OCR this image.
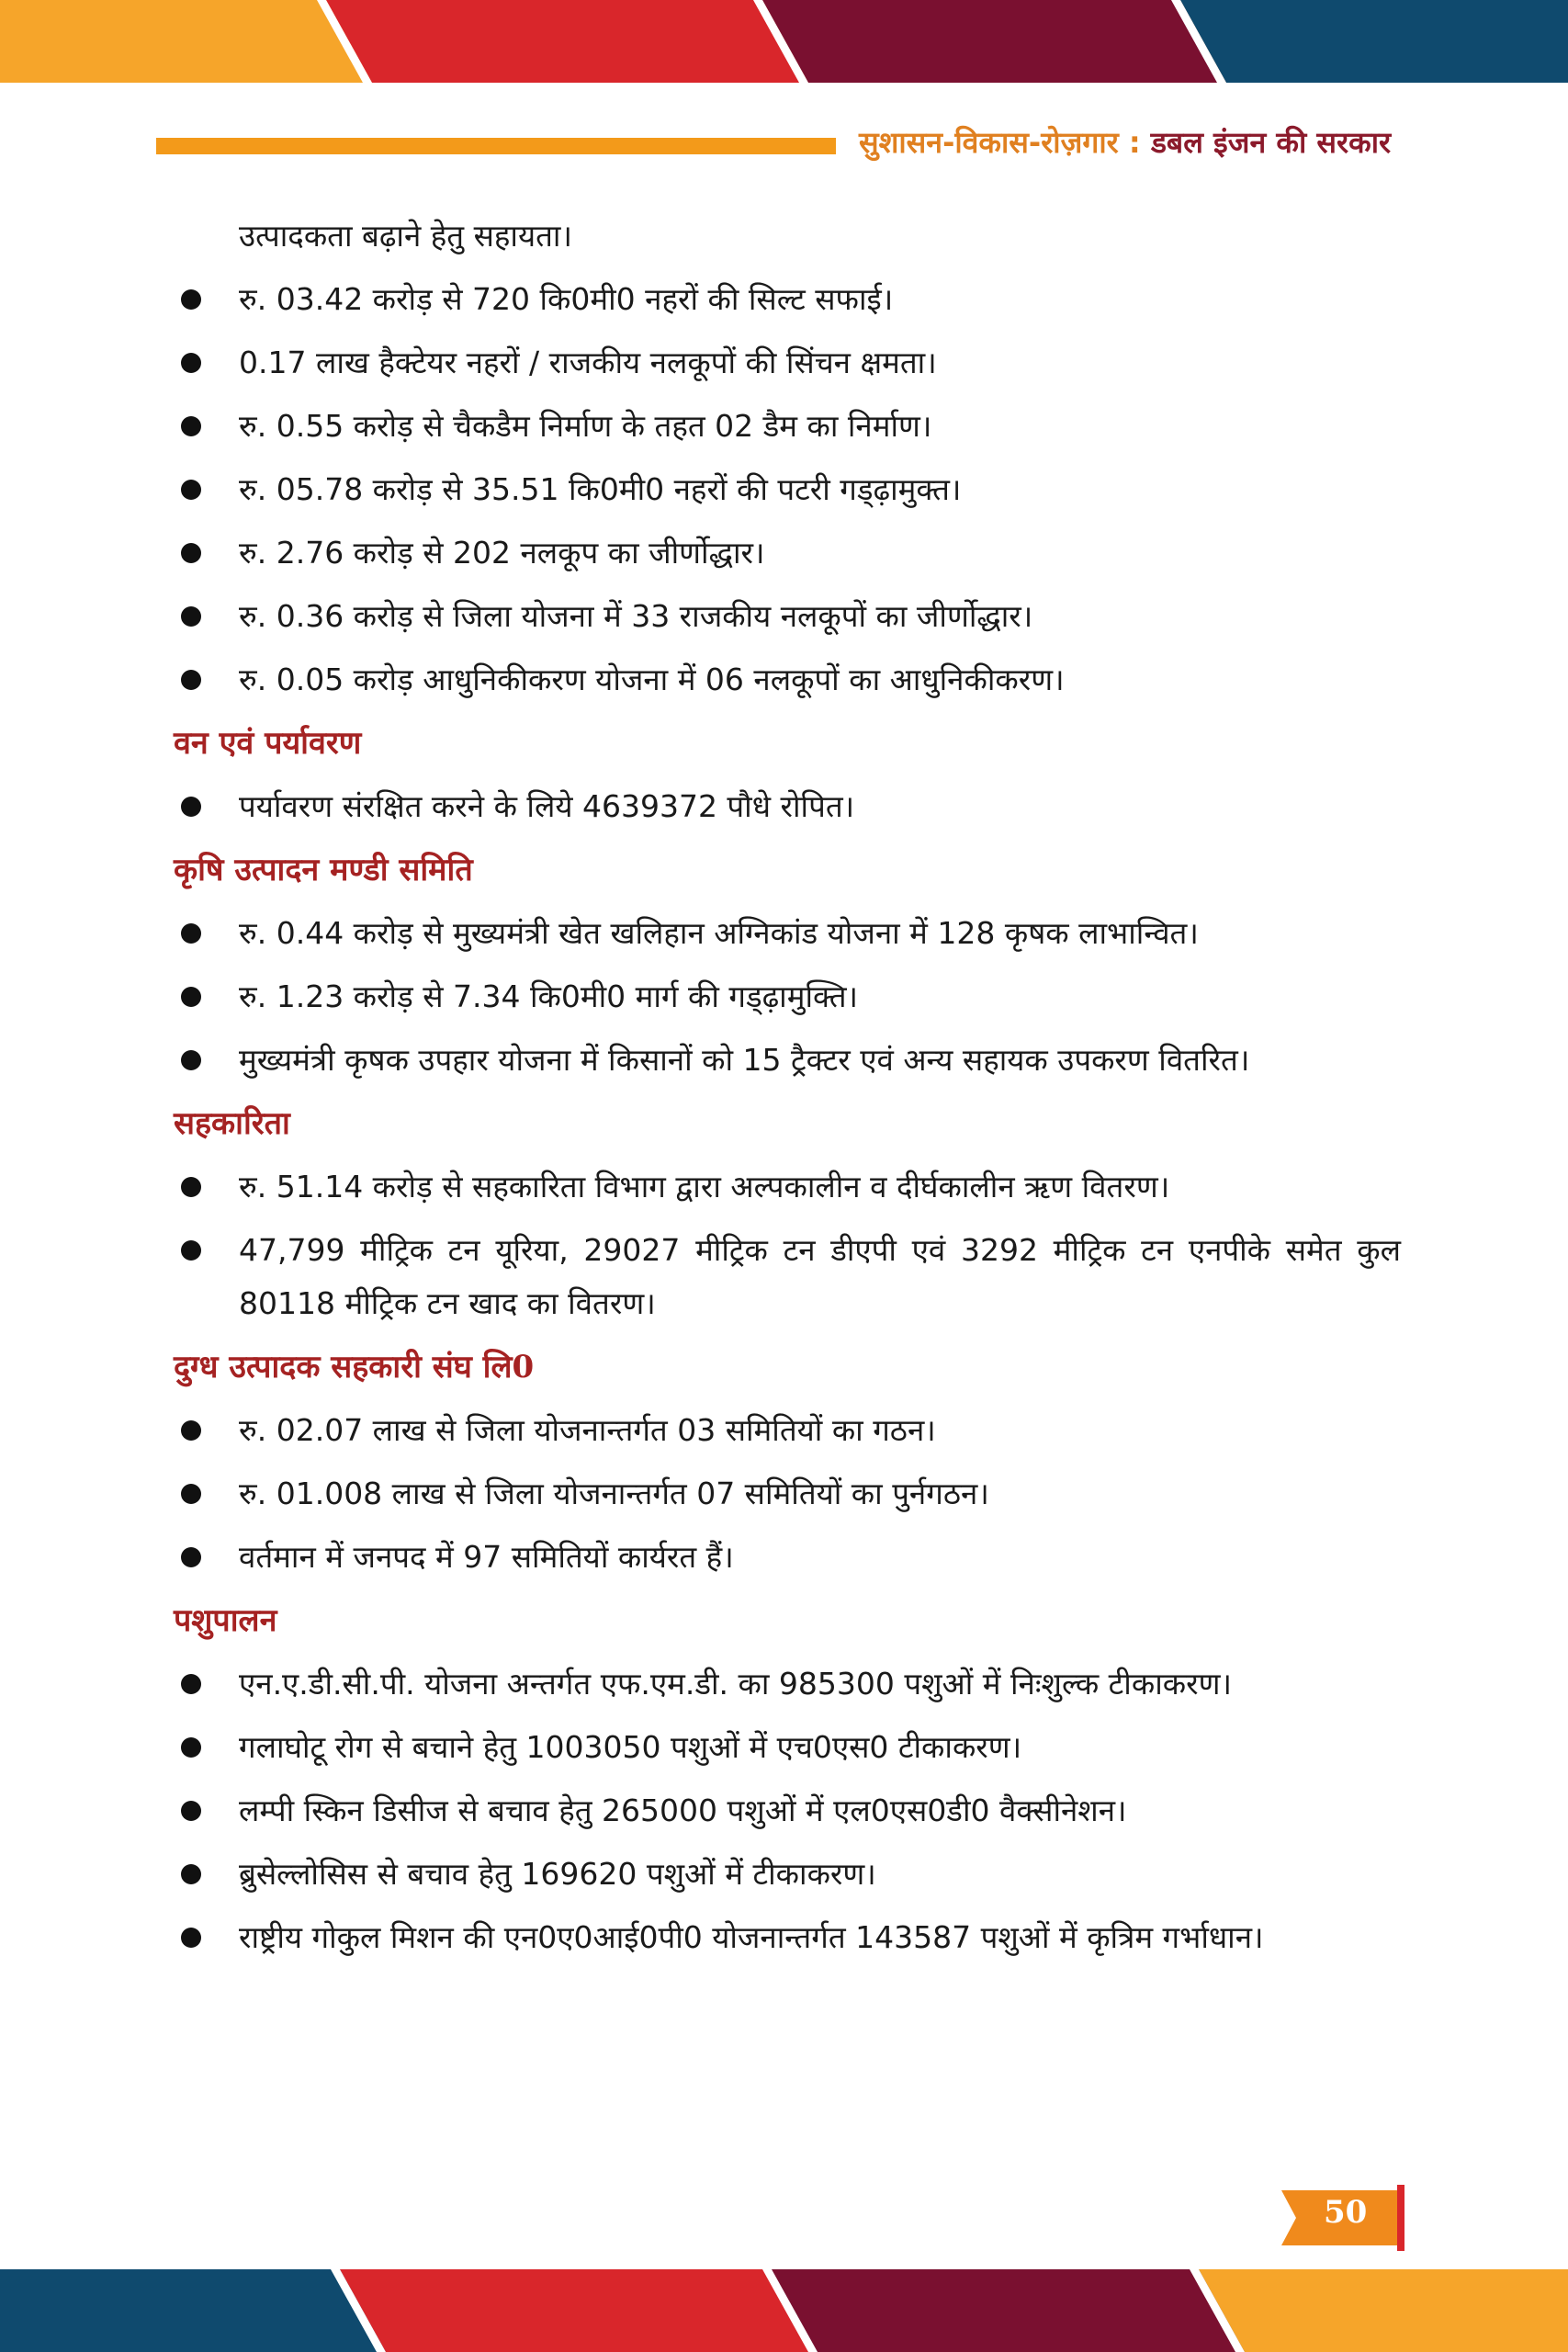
सुशासन-विकास-रोज़गार : डबल इंजन की सरकार
उत्पादकता बढ़ाने हेतु सहायता।
रु. 03.42 करोड़ से 720 कि0मी0 नहरों की सिल्ट सफाई।
0.17 लाख हैक्टेयर नहरों / राजकीय नलकूपों की सिंचन क्षमता।
रु. 0.55 करोड़ से चैकडैम निर्माण के तहत 02 डैम का निर्माण।
रु. 05.78 करोड़ से 35.51 कि0मी0 नहरों की पटरी गड्ढ़ामुक्त।
रु. 2.76 करोड़ से 202 नलकूप का जीर्णोद्धार।
रु. 0.36 करोड़ से जिला योजना में 33 राजकीय नलकूपों का जीर्णोद्धार।
रु. 0.05 करोड़ आधुनिकीकरण योजना में 06 नलकूपों का आधुनिकीकरण।
वन एवं पर्यावरण
पर्यावरण संरक्षित करने के लिये 4639372 पौधे रोपित।
कृषि उत्पादन मण्डी समिति
रु. 0.44 करोड़ से मुख्यमंत्री खेत खलिहान अग्निकांड योजना में 128 कृषक लाभान्वित।
रु. 1.23 करोड़ से 7.34 कि0मी0 मार्ग की गड्ढ़ामुक्ति।
मुख्यमंत्री कृषक उपहार योजना में किसानों को 15 ट्रैक्टर एवं अन्य सहायक उपकरण वितरित।
सहकारिता
रु. 51.14 करोड़ से सहकारिता विभाग द्वारा अल्पकालीन व दीर्घकालीन ऋण वितरण।
47,799 मीट्रिक टन यूरिया, 29027 मीट्रिक टन डीएपी एवं 3292 मीट्रिक टन एनपीके समेत कुल 80118 मीट्रिक टन खाद का वितरण।
दुग्ध उत्पादक सहकारी संघ लि0
रु. 02.07 लाख से जिला योजनान्तर्गत 03 समितियों का गठन।
रु. 01.008 लाख से जिला योजनान्तर्गत 07 समितियों का पुर्नगठन।
वर्तमान में जनपद में 97 समितियों कार्यरत हैं।
पशुपालन
एन.ए.डी.सी.पी. योजना अन्तर्गत एफ.एम.डी. का 985300 पशुओं में निःशुल्क टीकाकरण।
गलाघोटू रोग से बचाने हेतु 1003050 पशुओं में एच0एस0 टीकाकरण।
लम्पी स्किन डिसीज से बचाव हेतु 265000 पशुओं में एल0एस0डी0 वैक्सीनेशन।
ब्रुसेल्लोसिस से बचाव हेतु 169620 पशुओं में टीकाकरण।
राष्ट्रीय गोकुल मिशन की एन0ए0आई0पी0 योजनान्तर्गत 143587 पशुओं में कृत्रिम गर्भाधान।
50
